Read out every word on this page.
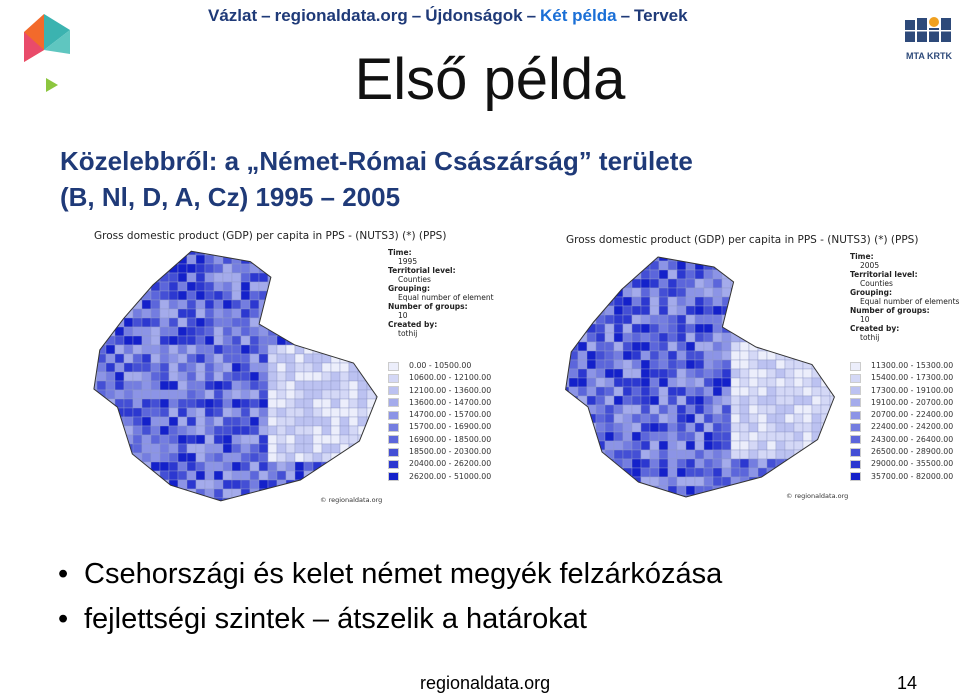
Vázlat – regionaldata.org – Újdonságok – Két példa – Tervek
MTA KRTK
Első példa
Közelebbről: a „Német-Római Császárság” területe
(B, Nl, D, A, Cz) 1995 – 2005
Gross domestic product (GDP) per capita in PPS - (NUTS3) (*) (PPS)
Time:
1995
Territorial level:
Counties
Grouping:
Equal number of element
Number of groups:
10
Created by:
tothij
0.00 - 10500.00
10600.00 - 12100.00
12100.00 - 13600.00
13600.00 - 14700.00
14700.00 - 15700.00
15700.00 - 16900.00
16900.00 - 18500.00
18500.00 - 20300.00
20400.00 - 26200.00
26200.00 - 51000.00
© regionaldata.org
Gross domestic product (GDP) per capita in PPS - (NUTS3) (*) (PPS)
Time:
2005
Territorial level:
Counties
Grouping:
Equal number of elements
Number of groups:
10
Created by:
tothij
11300.00 - 15300.00
15400.00 - 17300.00
17300.00 - 19100.00
19100.00 - 20700.00
20700.00 - 22400.00
22400.00 - 24200.00
24300.00 - 26400.00
26500.00 - 28900.00
29000.00 - 35500.00
35700.00 - 82000.00
© regionaldata.org
• Csehországi és kelet német megyék felzárkózása
• fejlettségi szintek – átszelik a határokat
regionaldata.org	14
